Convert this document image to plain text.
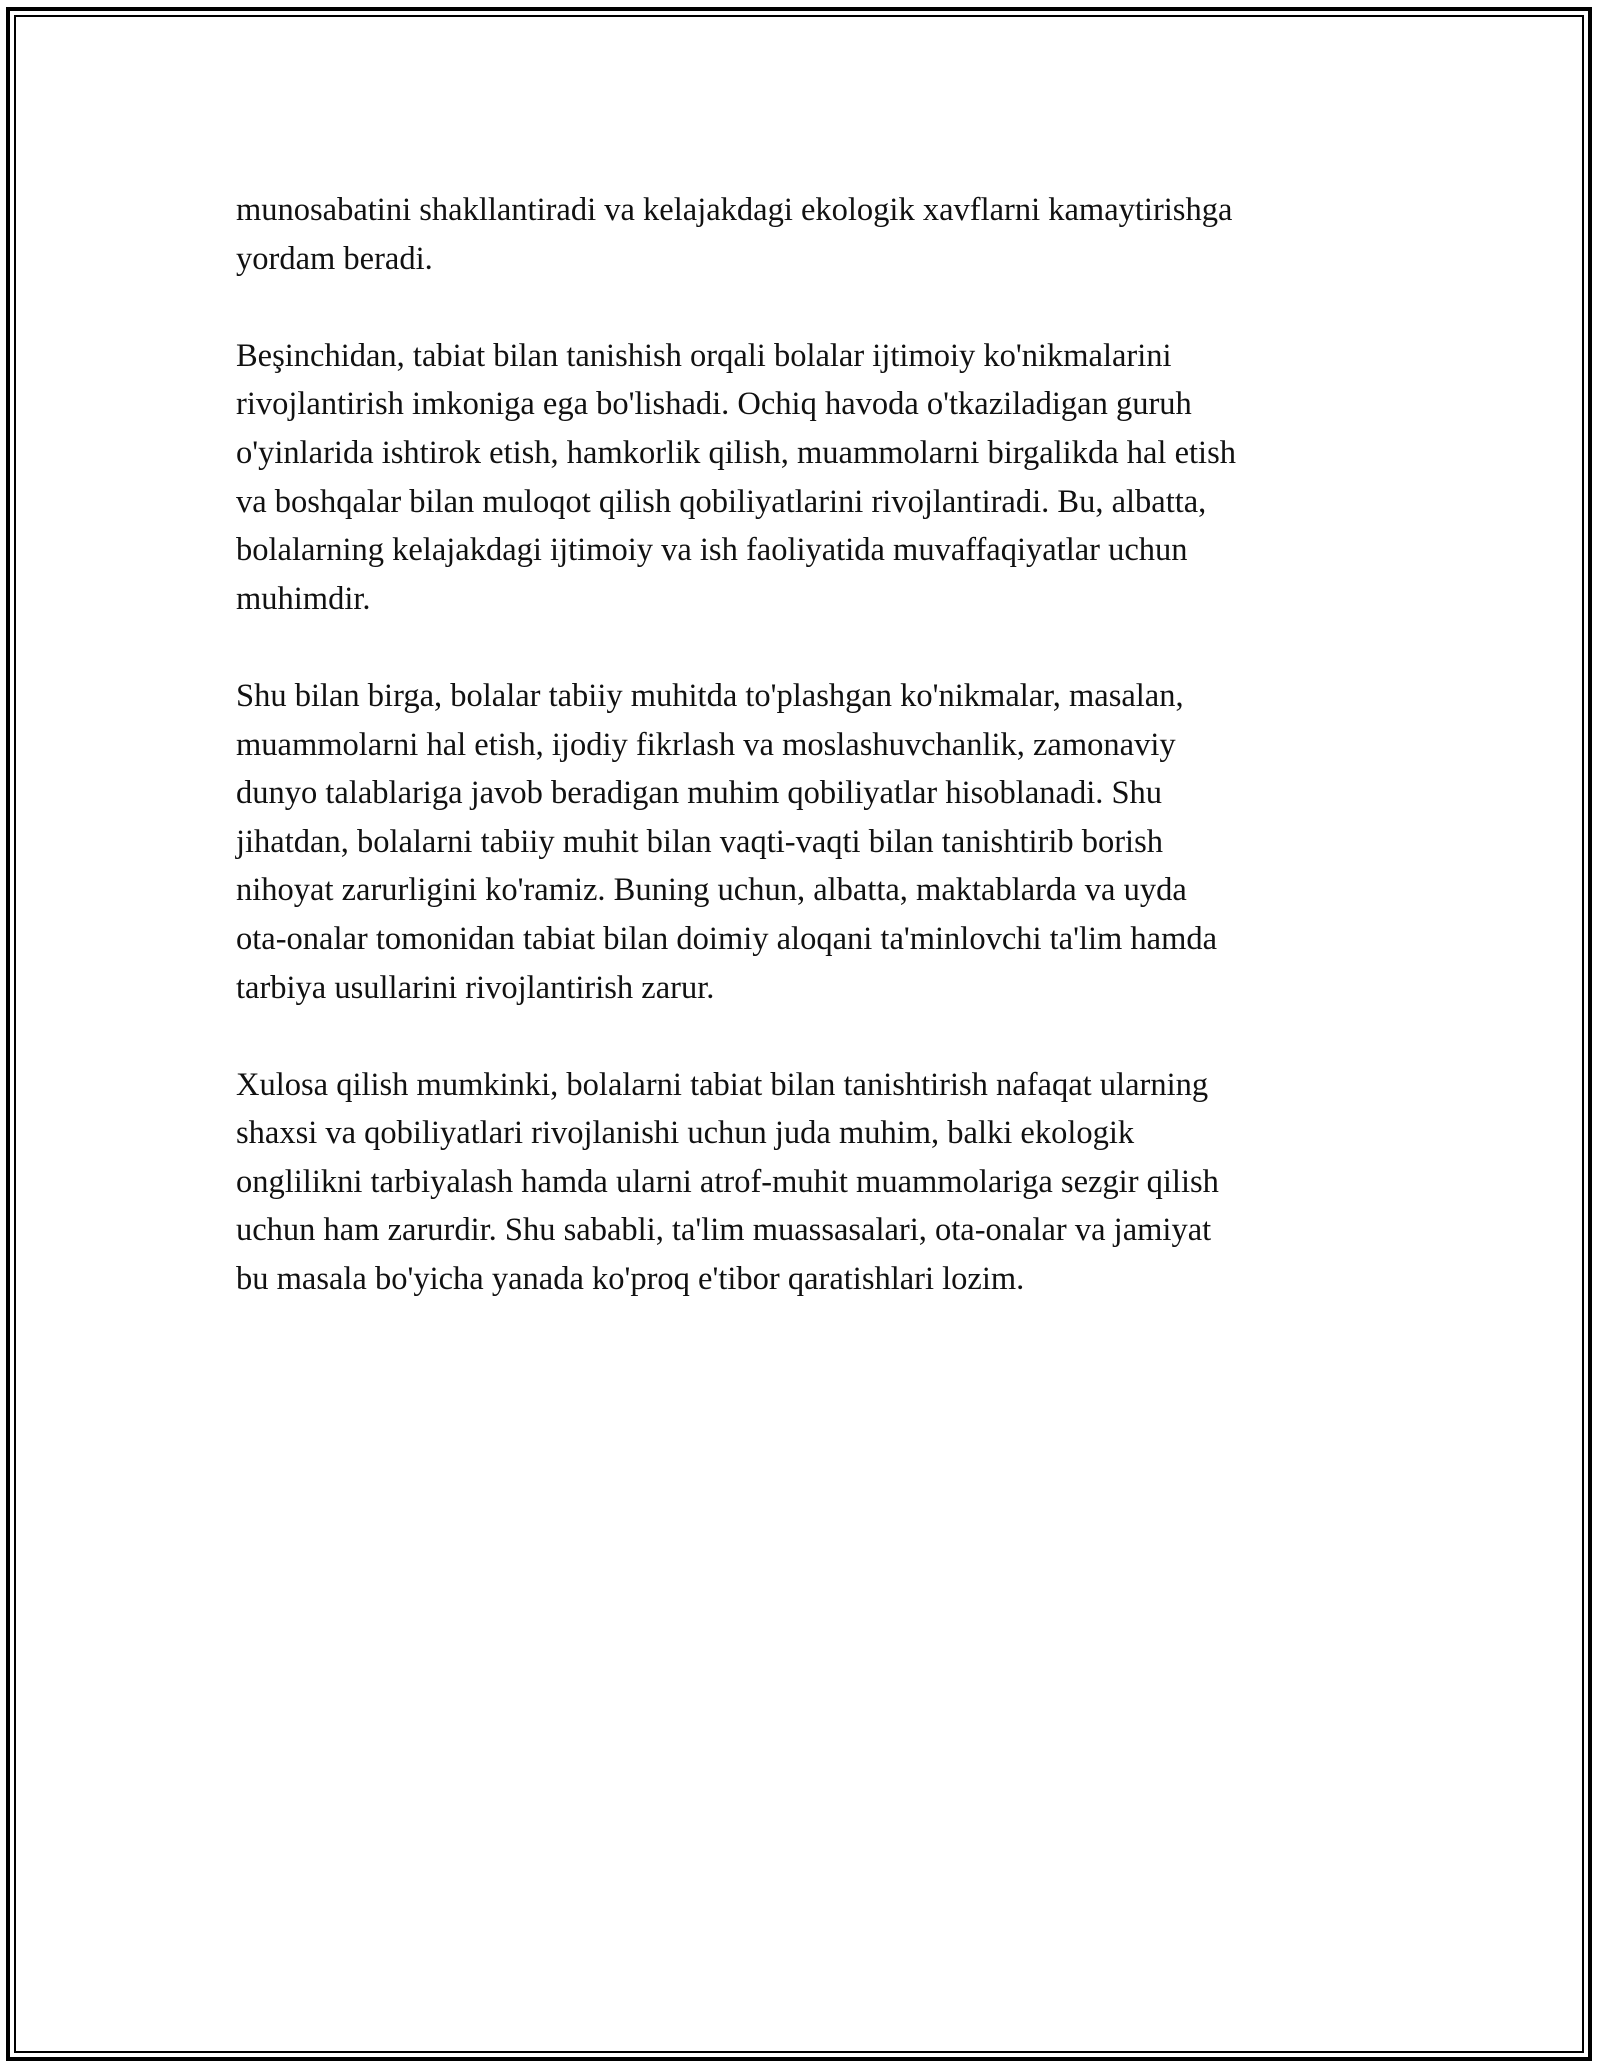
munosabatini shakllantiradi va kelajakdagi ekologik xavflarni kamaytirishga
yordam beradi.

Beşinchidan, tabiat bilan tanishish orqali bolalar ijtimoiy ko'nikmalarini
rivojlantirish imkoniga ega bo'lishadi. Ochiq havoda o'tkaziladigan guruh
o'yinlarida ishtirok etish, hamkorlik qilish, muammolarni birgalikda hal etish
va boshqalar bilan muloqot qilish qobiliyatlarini rivojlantiradi. Bu, albatta,
bolalarning kelajakdagi ijtimoiy va ish faoliyatida muvaffaqiyatlar uchun
muhimdir.

Shu bilan birga, bolalar tabiiy muhitda to'plashgan ko'nikmalar, masalan,
muammolarni hal etish, ijodiy fikrlash va moslashuvchanlik, zamonaviy
dunyo talablariga javob beradigan muhim qobiliyatlar hisoblanadi. Shu
jihatdan, bolalarni tabiiy muhit bilan vaqti-vaqti bilan tanishtirib borish
nihoyat zarurligini ko'ramiz. Buning uchun, albatta, maktablarda va uyda
ota-onalar tomonidan tabiat bilan doimiy aloqani ta'minlovchi ta'lim hamda
tarbiya usullarini rivojlantirish zarur.

Xulosa qilish mumkinki, bolalarni tabiat bilan tanishtirish nafaqat ularning
shaxsi va qobiliyatlari rivojlanishi uchun juda muhim, balki ekologik
onglilikni tarbiyalash hamda ularni atrof-muhit muammolariga sezgir qilish
uchun ham zarurdir. Shu sababli, ta'lim muassasalari, ota-onalar va jamiyat
bu masala bo'yicha yanada ko'proq e'tibor qaratishlari lozim.
